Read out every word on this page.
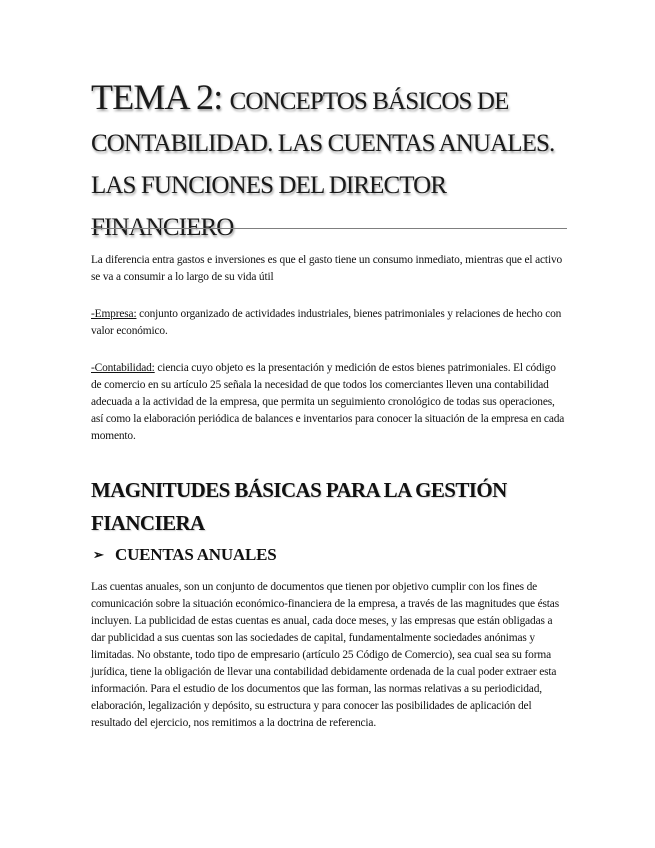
TEMA 2: CONCEPTOS BÁSICOS DE CONTABILIDAD. LAS CUENTAS ANUALES. LAS FUNCIONES DEL DIRECTOR FINANCIERO

La diferencia entra gastos e inversiones es que el gasto tiene un consumo inmediato, mientras que el activo se va a consumir a lo largo de su vida útil

-Empresa: conjunto organizado de actividades industriales, bienes patrimoniales y relaciones de hecho con valor económico.

-Contabilidad: ciencia cuyo objeto es la presentación y medición de estos bienes patrimoniales. El código de comercio en su artículo 25 señala la necesidad de que todos los comerciantes lleven una contabilidad adecuada a la actividad de la empresa, que permita un seguimiento cronológico de todas sus operaciones, así como la elaboración periódica de balances e inventarios para conocer la situación de la empresa en cada momento.

MAGNITUDES BÁSICAS PARA LA GESTIÓN FIANCIERA
➢ CUENTAS ANUALES

Las cuentas anuales, son un conjunto de documentos que tienen por objetivo cumplir con los fines de comunicación sobre la situación económico-financiera de la empresa, a través de las magnitudes que éstas incluyen. La publicidad de estas cuentas es anual, cada doce meses, y las empresas que están obligadas a dar publicidad a sus cuentas son las sociedades de capital, fundamentalmente sociedades anónimas y limitadas. No obstante, todo tipo de empresario (artículo 25 Código de Comercio), sea cual sea su forma jurídica, tiene la obligación de llevar una contabilidad debidamente ordenada de la cual poder extraer esta información. Para el estudio de los documentos que las forman, las normas relativas a su periodicidad, elaboración, legalización y depósito, su estructura y para conocer las posibilidades de aplicación del resultado del ejercicio, nos remitimos a la doctrina de referencia.
